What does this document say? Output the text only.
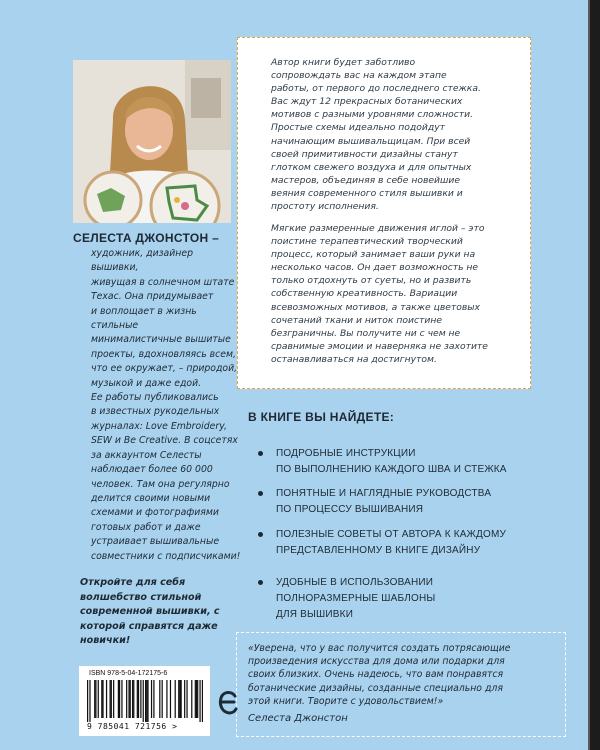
СЕЛЕСТА ДЖОНСТОН –

художник, дизайнер вышивки,
живущая в солнечном штате
Техас. Она придумывает
и воплощает в жизнь стильные
минималистичные вышитые
проекты, вдохновляясь всем,
что ее окружает, – природой,
музыкой и даже едой.
Ее работы публиковались
в известных рукодельных
журналах: Love Embroidery,
SEW и Be Creative. В соцсетях
за аккаунтом Селесты
наблюдает более 60 000
человек. Там она регулярно
делится своими новыми
схемами и фотографиями
готовых работ и даже
устраивает вышивальные
совместники с подписчиками!

Откройте для себя
волшебство стильной
современной вышивки, с
которой справятся даже
новички!

Автор книги будет заботливо
сопровождать вас на каждом этапе
работы, от первого до последнего стежка.
Вас ждут 12 прекрасных ботанических
мотивов с разными уровнями сложности.
Простые схемы идеально подойдут
начинающим вышивальщицам. При всей
своей примитивности дизайны станут
глотком свежего воздуха и для опытных
мастеров, объединяя в себе новейшие
веяния современного стиля вышивки и
простоту исполнения.

Мягкие размеренные движения иглой – это
поистине терапевтический творческий
процесс, который занимает ваши руки на
несколько часов. Он дает возможность не
только отдохнуть от суеты, но и развить
собственную креативность. Вариации
всевозможных мотивов, а также цветовых
сочетаний ткани и ниток поистине
безграничны. Вы получите ни с чем не
сравнимые эмоции и наверняка не захотите
останавливаться на достигнутом.

В КНИГЕ ВЫ НАЙДЕТЕ:
ПОДРОБНЫЕ ИНСТРУКЦИИ
ПО ВЫПОЛНЕНИЮ КАЖДОГО ШВА И СТЕЖКА
ПОНЯТНЫЕ И НАГЛЯДНЫЕ РУКОВОДСТВА
ПО ПРОЦЕССУ ВЫШИВАНИЯ
ПОЛЕЗНЫЕ СОВЕТЫ ОТ АВТОРА К КАЖДОМУ
ПРЕДСТАВЛЕННОМУ В КНИГЕ ДИЗАЙНУ
УДОБНЫЕ В ИСПОЛЬЗОВАНИИ
ПОЛНОРАЗМЕРНЫЕ ШАБЛОНЫ
ДЛЯ ВЫШИВКИ

«Уверена, что у вас получится создать потрясающие
произведения искусства для дома или подарки для
своих близких. Очень надеюсь, что вам понравятся
ботанические дизайны, созданные специально для
этой книги. Творите с удовольствием!»

Селеста Джонстон

ISBN 978-5-04-172175-6

9 785041 721756 >
